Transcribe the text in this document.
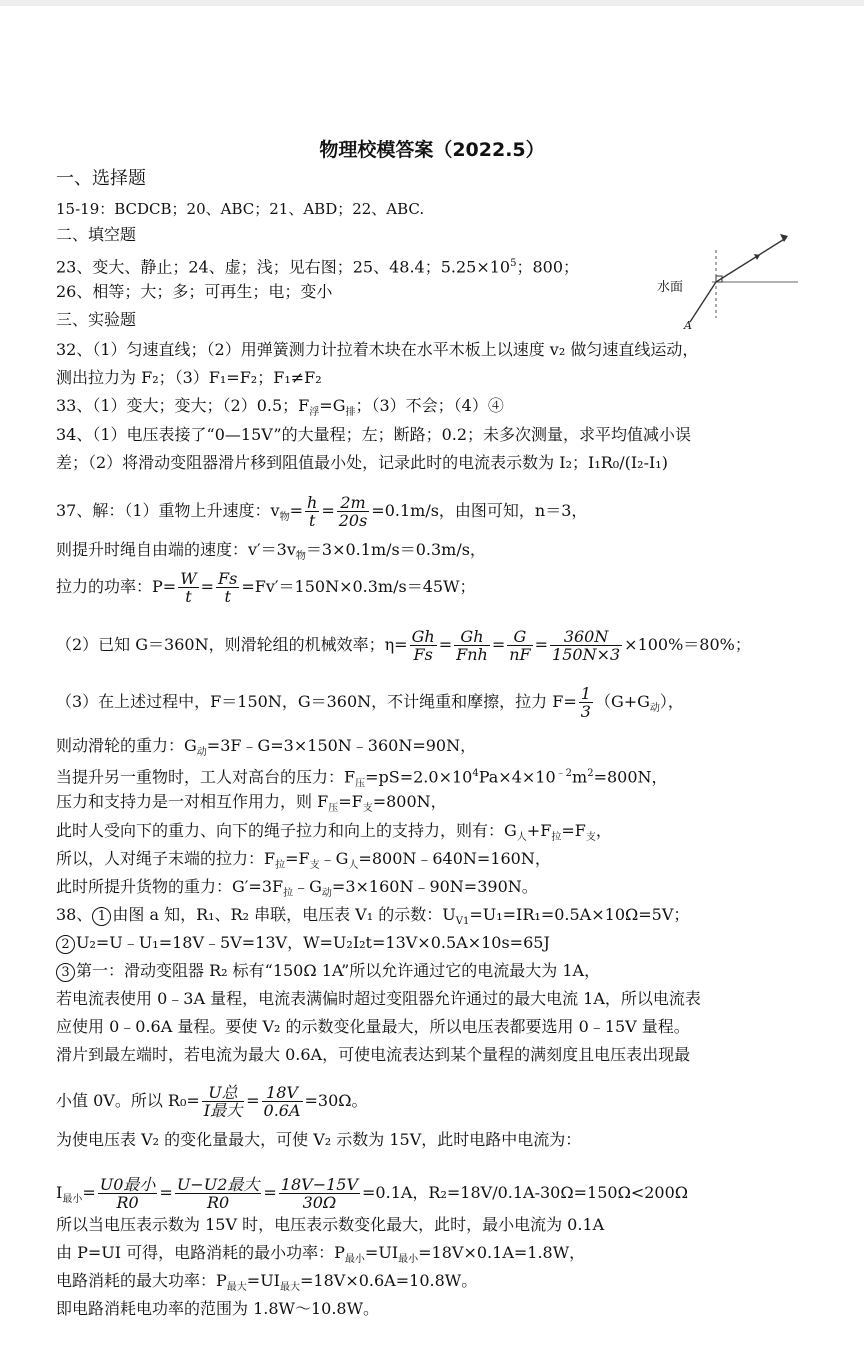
物理校模答案（2022.5）
一、选择题
15-19：BCDCB；20、ABC；21、ABD；22、ABC.
二、填空题
23、变大、静止；24、虚；浅；见右图；25、48.4；$5.25\times 10^5$；800；
26、相等；大；多；可再生；电；变小
三、实验题
水面
A
32、（1）匀速直线；（2）用弹簧测力计拉着木块在水平木板上以速度 v₂ 做匀速直线运动，
测出拉力为 F₂；（3）F₁=F₂；F₁≠F₂
33、（1）变大；变大；（2）0.5；$F_浮=G_排$；（3）不会；（4）④
34、（1）电压表接了“0—15V”的大量程；左；断路；0.2；未多次测量，求平均值减小误
差；（2）将滑动变阻器滑片移到阻值最小处，记录此时的电流表示数为 I₂；I₁R₀/(I₂-I₁)
37、解：（1）重物上升速度：$v_物= \frac{h}{t} = \frac{2m}{20s} =0.1m/s$，由图可知，n＝3，
则提升时绳自由端的速度：$v'=3v_物=3\times 0.1m/s=0.3m/s$，
拉力的功率：$P= \frac{W}{t} = \frac{Fs}{t} =Fv'=150N\times 0.3m/s=45W$；
（2）已知 G＝360N，则滑轮组的机械效率；$\eta= \frac{Gh}{Fs} = \frac{Gh}{\text{Fnh}} = \frac{G}{nF} = \frac{360N}{150N\times 3} \times 100\%=80\%$；
（3）在上述过程中，F＝150N，G＝360N，不计绳重和摩擦，拉力 $F= \frac{1}{3} (G+G_动)$，
则动滑轮的重力：$G_动=3F﹣G=3\times 150N﹣360N=90N$，
当提升另一重物时，工人对高台的压力：$F_压=pS=2.0\times 10^4Pa\times 4\times 10^{﹣2}m^2=800N$，
压力和支持力是一对相互作用力，则 $F_压=F_支=800N$，
此时人受向下的重力、向下的绳子拉力和向上的支持力，则有：$G_人+F_拉=F_支$，
所以，人对绳子末端的拉力：$F_拉=F_支﹣G_人=800N﹣640N=160N$，
此时所提升货物的重力：$G'=3F_拉﹣G_动=3\times 160N﹣90N=390N$。
38、 1 由图 a 知，R₁、R₂ 串联，电压表 V₁ 的示数：$U_{V1}=U_1=IR_1=0.5A\times 10\Omega=5V$；
2 U₂=U﹣U₁=18V﹣5V=13V，W=U₂I₂t=13V×0.5A×10s=65J
3 第一：滑动变阻器 R₂ 标有“150Ω 1A”所以允许通过它的电流最大为 1A，
若电流表使用 0﹣3A 量程，电流表满偏时超过变阻器允许通过的最大电流 1A，所以电流表
应使用 0﹣0.6A 量程。要使 V₂ 的示数变化量最大，所以电压表都要选用 0﹣15V 量程。
滑片到最左端时，若电流为最大 0.6A，可使电流表达到某个量程的满刻度且电压表出现最
小值 0V。所以 $R_0= \frac{\text{U总}}{\text{I最大}} = \frac{18V}{0.6A} =30\Omega$。
为使电压表 V₂ 的变化量最大，可使 V₂ 示数为 15V，此时电路中电流为：
$I_{最小}= \frac{\text{U0最小}}{R0} = \frac{\text{U−U2最大}}{R0} = \frac{18V-15V}{30\Omega} =0.1A$，R₂=18V/0.1A-30Ω=150Ω<200Ω
所以当电压表示数为 15V 时，电压表示数变化最大，此时，最小电流为 0.1A
由 P=UI 可得，电路消耗的最小功率：$P_{最小}=UI_{最小}=18V\times 0.1A=1.8W$，
电路消耗的最大功率：$P_{最大}=UI_{最大}=18V\times 0.6A=10.8W$。
即电路消耗电功率的范围为 1.8W～10.8W。
